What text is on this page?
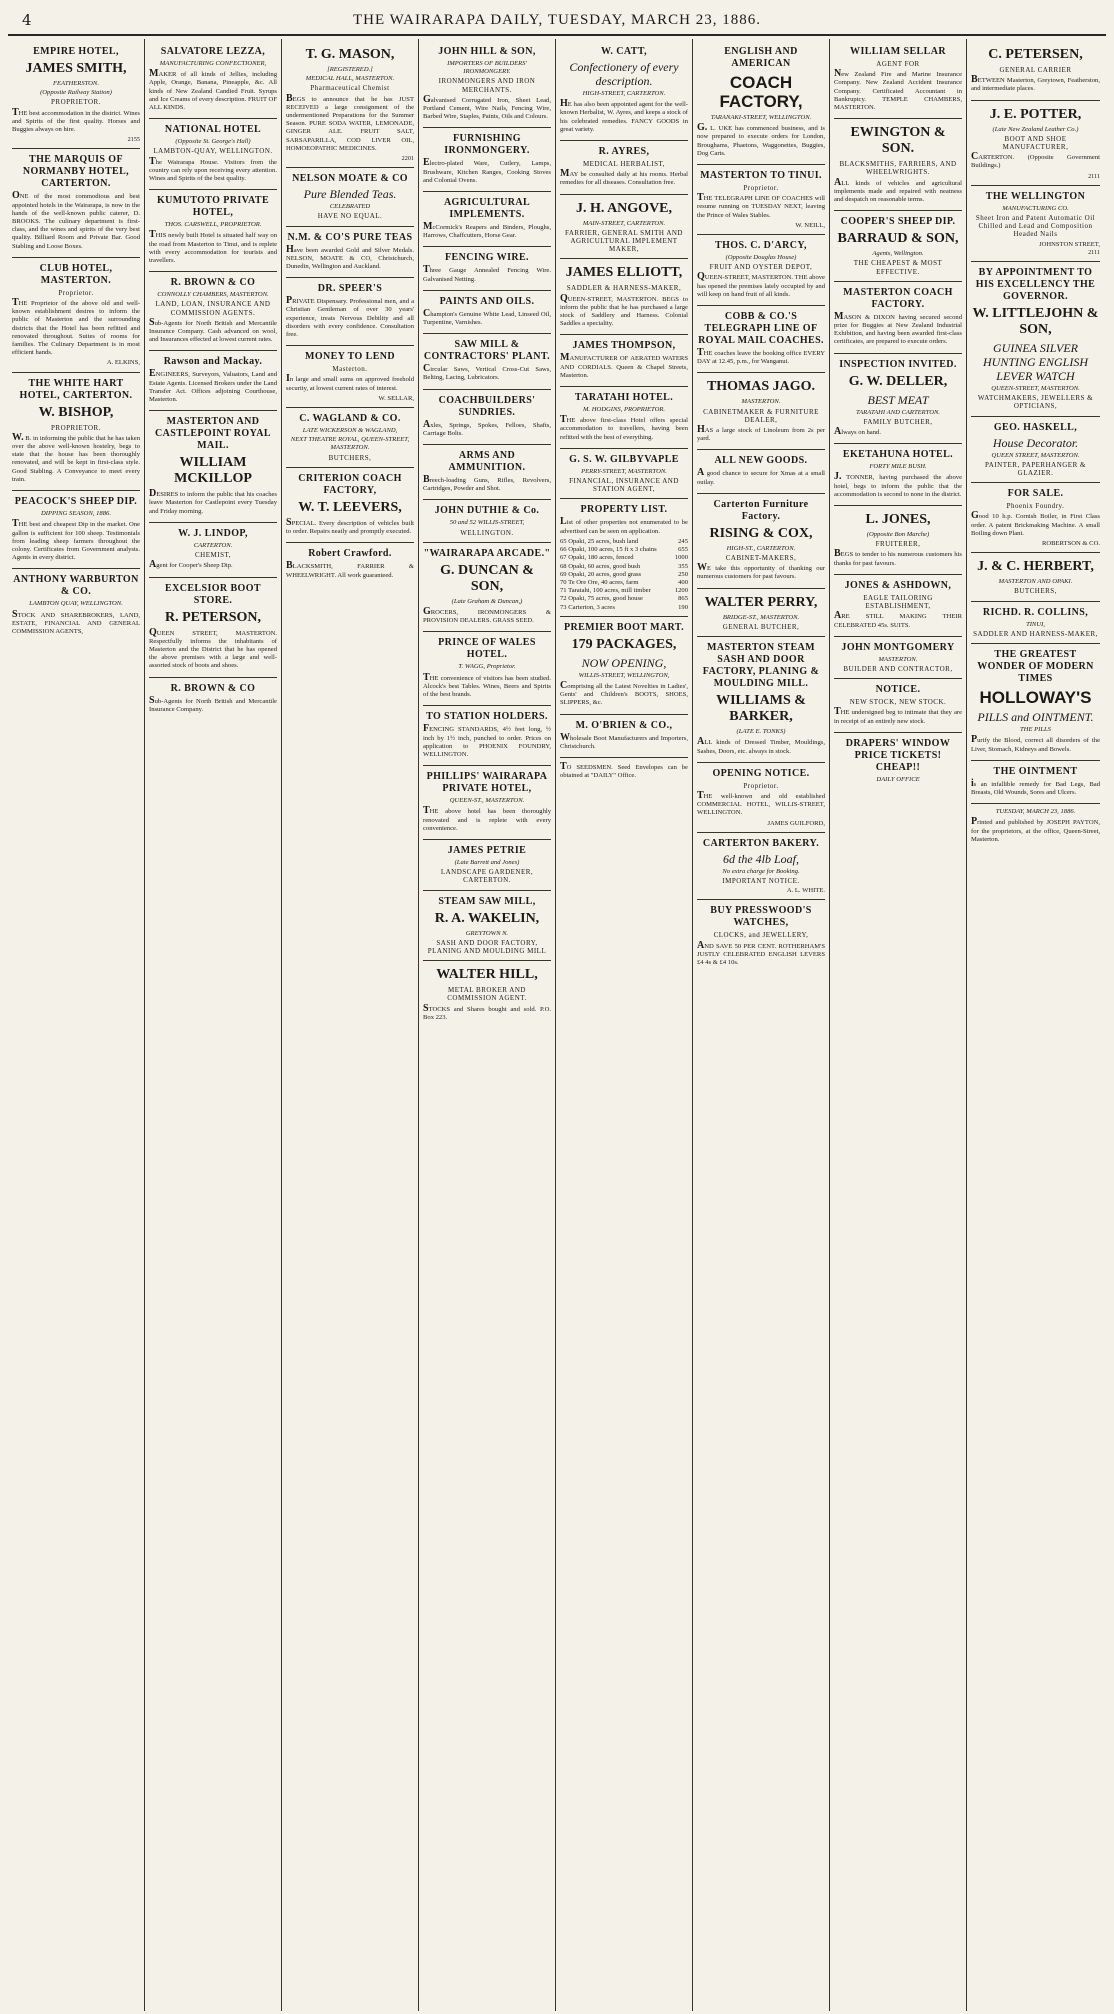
4	THE WAIRARAPA DAILY, TUESDAY, MARCH 23, 1886.
EMPIRE HOTEL,
JAMES SMITH,
FEATHERSTON.
(Opposite Railway Station)
PROPRIETOR.
THE best accommodation in the district. Wines and Spirits of the first quality. Horses and Buggies always on hire.
2155
THE MARQUIS OF NORMANBY HOTEL, CARTERTON.
ONE of the most commodious and best appointed hotels in the Wairarapa, is now in the hands of the well-known public caterer, D. BROOKS. The culinary department is first-class, and the wines and spirits of the very best quality. Billiard Room and Private Bar. Good Stabling and Loose Boxes.
CLUB HOTEL, MASTERTON.
Proprietor.
THE Proprietor of the above old and well-known establishment desires to inform the public of Masterton and the surrounding districts that the Hotel has been refitted and renovated throughout. Suites of rooms for families. The Culinary Department is in most efficient hands.
A. ELKINS,
THE WHITE HART HOTEL, CARTERTON.
W. BISHOP,
PROPRIETOR.
W. B. in informing the public that he has taken over the above well-known hostelry, begs to state that the house has been thoroughly renovated, and will be kept in first-class style. Good Stabling. A Conveyance to meet every train.
PEACOCK'S SHEEP DIP.
DIPPING SEASON, 1886.
THE best and cheapest Dip in the market. One gallon is sufficient for 100 sheep. Testimonials from leading sheep farmers throughout the colony. Certificates from Government analysts. Agents in every district.
ANTHONY WARBURTON & CO.
LAMBTON QUAY, WELLINGTON.
STOCK AND SHAREBROKERS, LAND, ESTATE, FINANCIAL AND GENERAL COMMISSION AGENTS,
SALVATORE LEZZA,
MANUFACTURING CONFECTIONER,
MAKER of all kinds of Jellies, including Apple, Orange, Banana, Pineapple, &c. All kinds of New Zealand Candied Fruit. Syrups and Ice Creams of every description. FRUIT OF ALL KINDS.
NATIONAL HOTEL
(Opposite St. George's Hall)
LAMBTON-QUAY, WELLINGTON.
The Wairarapa House. Visitors from the country can rely upon receiving every attention. Wines and Spirits of the best quality.
KUMUTOTO PRIVATE HOTEL,
THOS. CARSWELL, PROPRIETOR.
THIS newly built Hotel is situated half way on the road from Masterton to Tinui, and is replete with every accommodation for tourists and travellers.
R. BROWN & CO
CONNOLLY CHAMBERS, MASTERTON.
LAND, LOAN, INSURANCE AND COMMISSION AGENTS.
Sub-Agents for North British and Mercantile Insurance Company. Cash advanced on wool, and Insurances effected at lowest current rates.
Rawson and Mackay.
ENGINEERS, Surveyors, Valuators, Land and Estate Agents. Licensed Brokers under the Land Transfer Act. Offices adjoining Courthouse, Masterton.
MASTERTON AND CASTLEPOINT ROYAL MAIL.
WILLIAM MCKILLOP
DESIRES to inform the public that his coaches leave Masterton for Castlepoint every Tuesday and Friday morning.
W. J. LINDOP,
CARTERTON.
CHEMIST,
Agent for Cooper's Sheep Dip.
EXCELSIOR BOOT STORE.
R. PETERSON,
QUEEN STREET, MASTERTON. Respectfully informs the inhabitants of Masterton and the District that he has opened the above premises with a large and well-assorted stock of boots and shoes.
R. BROWN & CO
Sub-Agents for North British and Mercantile Insurance Company.
T. G. MASON,
[REGISTERED.]
MEDICAL HALL, MASTERTON.
Pharmaceutical Chemist
BEGS to announce that he has JUST RECEIVED a large consignment of the undermentioned Preparations for the Summer Season. PURE SODA WATER, LEMONADE, GINGER ALE. FRUIT SALT, SARSAPARILLA, COD LIVER OIL, HOMOEOPATHIC MEDICINES.
2201
NELSON MOATE & CO
Pure Blended Teas.
CELEBRATED
HAVE NO EQUAL.
N.M. & CO'S PURE TEAS
Have been awarded Gold and Silver Medals. NELSON, MOATE & CO, Christchurch, Dunedin, Wellington and Auckland.
DR. SPEER'S
PRIVATE Dispensary. Professional men, and a Christian Gentleman of over 30 years' experience, treats Nervous Debility and all disorders with every confidence. Consultation free.
MONEY TO LEND
Masterton.
In large and small sums on approved freehold security, at lowest current rates of interest.
W. SELLAR,
C. WAGLAND & CO.
LATE WICKERSON & WAGLAND,
NEXT THEATRE ROYAL, QUEEN-STREET, MASTERTON.
BUTCHERS,
CRITERION COACH FACTORY,
W. T. LEEVERS,
SPECIAL. Every description of vehicles built to order. Repairs neatly and promptly executed.
Robert Crawford.
BLACKSMITH, FARRIER & WHEELWRIGHT. All work guaranteed.
JOHN HILL & SON,
IMPORTERS OF BUILDERS' IRONMONGERY.
IRONMONGERS AND IRON MERCHANTS.
Galvanised Corrugated Iron, Sheet Lead, Portland Cement, Wire Nails, Fencing Wire, Barbed Wire, Staples, Paints, Oils and Colours.
FURNISHING IRONMONGERY.
Electro-plated Ware, Cutlery, Lamps, Brushware, Kitchen Ranges, Cooking Stoves and Colonial Ovens.
AGRICULTURAL IMPLEMENTS.
McCormick's Reapers and Binders, Ploughs, Harrows, Chaffcutters, Horse Gear.
FENCING WIRE.
Three Gauge Annealed Fencing Wire. Galvanised Netting.
PAINTS AND OILS.
Champion's Genuine White Lead, Linseed Oil, Turpentine, Varnishes.
SAW MILL & CONTRACTORS' PLANT.
Circular Saws, Vertical Cross-Cut Saws, Belting, Lacing, Lubricators.
COACHBUILDERS' SUNDRIES.
Axles, Springs, Spokes, Felloes, Shafts, Carriage Bolts.
ARMS AND AMMUNITION.
Breech-loading Guns, Rifles, Revolvers, Cartridges, Powder and Shot.
JOHN DUTHIE & Co.
50 and 52 WILLIS-STREET,
WELLINGTON.
"WAIRARAPA ARCADE."
G. DUNCAN & SON,
(Late Graham & Duncan,)
GROCERS, IRONMONGERS & PROVISION DEALERS. GRASS SEED.
PRINCE OF WALES HOTEL.
T. WAGG, Proprietor.
THE convenience of visitors has been studied. Alcock's best Tables. Wines, Beers and Spirits of the best brands.
TO STATION HOLDERS.
FENCING STANDARDS, 4½ feet long, ½ inch by 1½ inch, punched to order. Prices on application to PHOENIX FOUNDRY, WELLINGTON.
PHILLIPS' WAIRARAPA PRIVATE HOTEL,
QUEEN-ST., MASTERTON.
THE above hotel has been thoroughly renovated and is replete with every convenience.
JAMES PETRIE
(Late Barrett and Jones)
LANDSCAPE GARDENER, CARTERTON.
STEAM SAW MILL,
R. A. WAKELIN,
GREYTOWN N.
SASH AND DOOR FACTORY, PLANING AND MOULDING MILL
WALTER HILL,
METAL BROKER AND COMMISSION AGENT.
STOCKS and Shares bought and sold. P.O. Box 223.
W. CATT,
Confectionery of every description.
HIGH-STREET, CARTERTON.
HE has also been appointed agent for the well-known Herbalist, W. Ayres, and keeps a stock of his celebrated remedies. FANCY GOODS in great variety.
R. AYRES,
MEDICAL HERBALIST,
MAY be consulted daily at his rooms. Herbal remedies for all diseases. Consultation free.
J. H. ANGOVE,
MAIN-STREET, CARTERTON.
FARRIER, GENERAL SMITH AND AGRICULTURAL IMPLEMENT MAKER,
JAMES ELLIOTT,
SADDLER & HARNESS-MAKER,
QUEEN-STREET, MASTERTON. BEGS to inform the public that he has purchased a large stock of Saddlery and Harness. Colonial Saddles a speciality.
JAMES THOMPSON,
MANUFACTURER OF AERATED WATERS AND CORDIALS. Queen & Chapel Streets, Masterton.
TARATAHI HOTEL.
M. HODGINS, PROPRIETOR.
THE above first-class Hotel offers special accommodation to travellers, having been refitted with the best of everything.
G. S. W. GILBYVAPLE
PERRY-STREET, MASTERTON.
FINANCIAL, INSURANCE AND STATION AGENT,
PROPERTY LIST.
List of other properties not enumerated to be advertised can be seen on application.
65 Opaki, 25 acres, bush land	245
66 Opaki, 100 acres, 15 ft x 3 chains	655
67 Opaki, 180 acres, fenced	1000
68 Opaki, 60 acres, good bush	355
69 Opaki, 20 acres, good grass	250
70 Te Ore Ore, 40 acres, farm	400
71 Taratahi, 100 acres, mill timber	1200
72 Opaki, 75 acres, good house	865
73 Carterton, 3 acres	190
PREMIER BOOT MART.
179 PACKAGES,
NOW OPENING,
WILLIS-STREET, WELLINGTON,
Comprising all the Latest Novelties in Ladies', Gents' and Children's BOOTS, SHOES, SLIPPERS, &c.
M. O'BRIEN & CO.,
Wholesale Boot Manufacturers and Importers, Christchurch.
TO SEEDSMEN. Seed Envelopes can be obtained at "DAILY" Office.
ENGLISH AND AMERICAN
COACH FACTORY,
TARANAKI-STREET, WELLINGTON.
G. L. UKE has commenced business, and is now prepared to execute orders for London, Broughams, Phaetons, Waggonettes, Buggies, Dog Carts.
MASTERTON TO TINUI.
Proprietor.
THE TELEGRAPH LINE OF COACHES will resume running on TUESDAY NEXT, leaving the Prince of Wales Stables.
W. NEILL,
THOS. C. D'ARCY,
(Opposite Douglas House)
FRUIT AND OYSTER DEPOT,
QUEEN-STREET, MASTERTON. THE above has opened the premises lately occupied by and will keep on hand fruit of all kinds.
COBB & CO.'S TELEGRAPH LINE OF ROYAL MAIL COACHES.
THE coaches leave the booking office EVERY DAY at 12.45, p.m., for Wanganui.
THOMAS JAGO.
MASTERTON.
CABINETMAKER & FURNITURE DEALER,
HAS a large stock of Linoleum from 2s per yard.
ALL NEW GOODS.
A good chance to secure for Xmas at a small outlay.
Carterton Furniture Factory.
RISING & COX,
HIGH-ST., CARTERTON.
CABINET-MAKERS,
WE take this opportunity of thanking our numerous customers for past favours.
WALTER PERRY,
BRIDGE-ST., MASTERTON.
GENERAL BUTCHER,
MASTERTON STEAM SASH AND DOOR FACTORY, PLANING & MOULDING MILL.
WILLIAMS & BARKER,
(LATE E. TONKS)
ALL kinds of Dressed Timber, Mouldings, Sashes, Doors, etc. always in stock.
OPENING NOTICE.
Proprietor.
THE well-known and old established COMMERCIAL HOTEL, WILLIS-STREET, WELLINGTON.
JAMES GUILFORD,
CARTERTON BAKERY.
6d the 4lb Loaf,
No extra charge for Booking.
IMPORTANT NOTICE.
A. L. WHITE.
BUY PRESSWOOD'S WATCHES,
CLOCKS, and JEWELLERY,
AND SAVE 50 PER CENT. ROTHERHAM'S JUSTLY CELEBRATED ENGLISH LEVERS £4 4s & £4 10s.
WILLIAM SELLAR
AGENT FOR
New Zealand Fire and Marine Insurance Company. New Zealand Accident Insurance Company. Certificated Accountant in Bankruptcy. TEMPLE CHAMBERS, MASTERTON.
EWINGTON & SON.
BLACKSMITHS, FARRIERS, AND WHEELWRIGHTS.
ALL kinds of vehicles and agricultural implements made and repaired with neatness and despatch on reasonable terms.
COOPER'S SHEEP DIP.
BARRAUD & SON,
Agents, Wellington.
THE CHEAPEST & MOST EFFECTIVE.
MASTERTON COACH FACTORY.
MASON & DIXON having secured second prize for Buggies at New Zealand Industrial Exhibition, and having been awarded first-class certificates, are prepared to execute orders.
INSPECTION INVITED.
G. W. DELLER,
BEST MEAT
TARATAHI AND CARTERTON.
FAMILY BUTCHER,
Always on hand.
EKETAHUNA HOTEL.
FORTY MILE BUSH.
J. TONNER, having purchased the above hotel, begs to inform the public that the accommodation is second to none in the district.
L. JONES,
(Opposite Bon Marche)
FRUITERER,
BEGS to tender to his numerous customers his thanks for past favours.
JONES & ASHDOWN,
EAGLE TAILORING ESTABLISHMENT,
ARE STILL MAKING THEIR CELEBRATED 45s. SUITS.
JOHN MONTGOMERY
MASTERTON.
BUILDER AND CONTRACTOR,
NOTICE.
NEW STOCK, NEW STOCK.
THE undersigned beg to intimate that they are in receipt of an entirely new stock.
DRAPERS' WINDOW PRICE TICKETS! CHEAP!!
DAILY OFFICE
C. PETERSEN,
GENERAL CARRIER
BETWEEN Masterton, Greytown, Featherston, and intermediate places.
J. E. POTTER,
(Late New Zealand Leather Co.)
BOOT AND SHOE MANUFACTURER,
CARTERTON. (Opposite Government Buildings.)
2111
THE WELLINGTON
MANUFACTURING CO.
Sheet Iron and Patent Automatic Oil Chilled and Lead and Composition Headed Nails
JOHNSTON STREET,
2111
BY APPOINTMENT TO HIS EXCELLENCY THE GOVERNOR.
W. LITTLEJOHN & SON,
GUINEA SILVER HUNTING ENGLISH LEVER WATCH
QUEEN-STREET, MASTERTON.
WATCHMAKERS, JEWELLERS & OPTICIANS,
GEO. HASKELL,
House Decorator.
QUEEN STREET, MASTERTON.
PAINTER, PAPERHANGER & GLAZIER.
FOR SALE.
Phoenix Foundry.
Good 10 h.p. Cornish Boiler, in First Class order. A patent Brickmaking Machine. A small Boiling down Plant.
ROBERTSON & CO.
J. & C. HERBERT,
MASTERTON AND OPAKI.
BUTCHERS,
RICHD. R. COLLINS,
TINUI,
SADDLER AND HARNESS-MAKER,
THE GREATEST WONDER OF MODERN TIMES
HOLLOWAY'S
PILLS and OINTMENT.
THE PILLS
Purify the Blood, correct all disorders of the Liver, Stomach, Kidneys and Bowels.
THE OINTMENT
is an infallible remedy for Bad Legs, Bad Breasts, Old Wounds, Sores and Ulcers.
TUESDAY, MARCH 23, 1886.
Printed and published by JOSEPH PAYTON, for the proprietors, at the office, Queen-Street, Masterton.
